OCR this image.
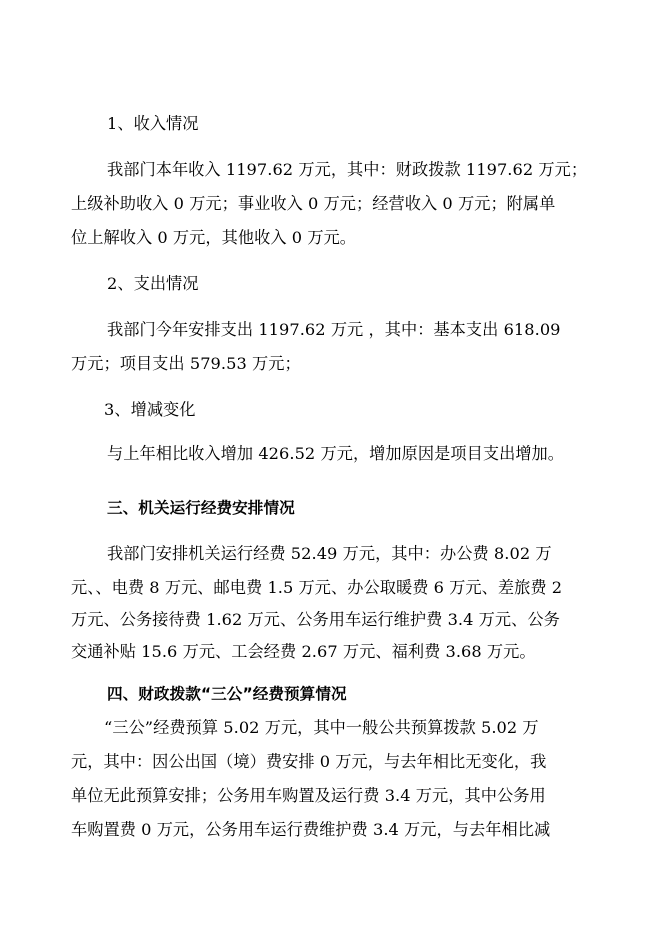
1、收入情况
我部门本年收入 1197.62 万元，其中：财政拨款 1197.62 万元；
上级补助收入 0 万元；事业收入 0 万元；经营收入 0 万元；附属单
位上解收入 0 万元，其他收入 0 万元。
2、支出情况
我部门今年安排支出 1197.62 万元 ，其中：基本支出 618.09
万元；项目支出 579.53 万元；
3、增减变化
与上年相比收入增加 426.52 万元，增加原因是项目支出增加。
三、机关运行经费安排情况
我部门安排机关运行经费 52.49 万元，其中：办公费 8.02 万
元、、电费 8 万元、邮电费 1.5 万元、办公取暖费 6 万元、差旅费 2
万元、公务接待费 1.62 万元、公务用车运行维护费 3.4 万元、公务
交通补贴 15.6 万元、工会经费 2.67 万元、福利费 3.68 万元。
四、财政拨款“三公”经费预算情况
“三公”经费预算 5.02 万元，其中一般公共预算拨款 5.02 万
元，其中：因公出国（境）费安排 0 万元，与去年相比无变化，我
单位无此预算安排；公务用车购置及运行费 3.4 万元，其中公务用
车购置费 0 万元，公务用车运行费维护费 3.4 万元，与去年相比减
